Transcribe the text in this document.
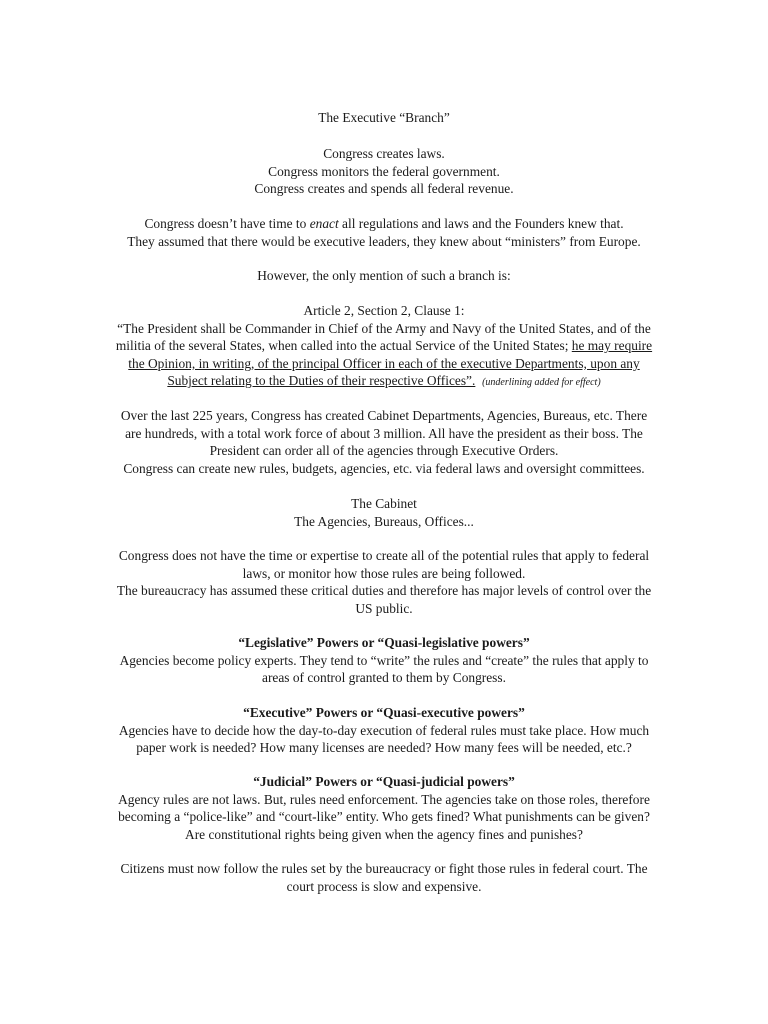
The Executive “Branch”
Congress creates laws.
Congress monitors the federal government.
Congress creates and spends all federal revenue.
Congress doesn’t have time to enact all regulations and laws and the Founders knew that.
They assumed that there would be executive leaders, they knew about “ministers” from Europe.
However, the only mention of such a branch is:
Article 2, Section 2, Clause 1:
“The President shall be Commander in Chief of the Army and Navy of the United States, and of the
militia of the several States, when called into the actual Service of the United States; he may require
the Opinion, in writing, of the principal Officer in each of the executive Departments, upon any
Subject relating to the Duties of their respective Offices”. (underlining added for effect)
Over the last 225 years, Congress has created Cabinet Departments, Agencies, Bureaus, etc. There
are hundreds, with a total work force of about 3 million. All have the president as their boss. The
President can order all of the agencies through Executive Orders.
Congress can create new rules, budgets, agencies, etc. via federal laws and oversight committees.
The Cabinet
The Agencies, Bureaus, Offices...
Congress does not have the time or expertise to create all of the potential rules that apply to federal
laws, or monitor how those rules are being followed.
The bureaucracy has assumed these critical duties and therefore has major levels of control over the
US public.
“Legislative” Powers or “Quasi-legislative powers”
Agencies become policy experts. They tend to “write” the rules and “create” the rules that apply to
areas of control granted to them by Congress.
“Executive” Powers or “Quasi-executive powers”
Agencies have to decide how the day-to-day execution of federal rules must take place. How much
paper work is needed? How many licenses are needed? How many fees will be needed, etc.?
“Judicial” Powers or “Quasi-judicial powers”
Agency rules are not laws. But, rules need enforcement. The agencies take on those roles, therefore
becoming a “police-like” and “court-like” entity. Who gets fined? What punishments can be given?
Are constitutional rights being given when the agency fines and punishes?
Citizens must now follow the rules set by the bureaucracy or fight those rules in federal court. The
court process is slow and expensive.
